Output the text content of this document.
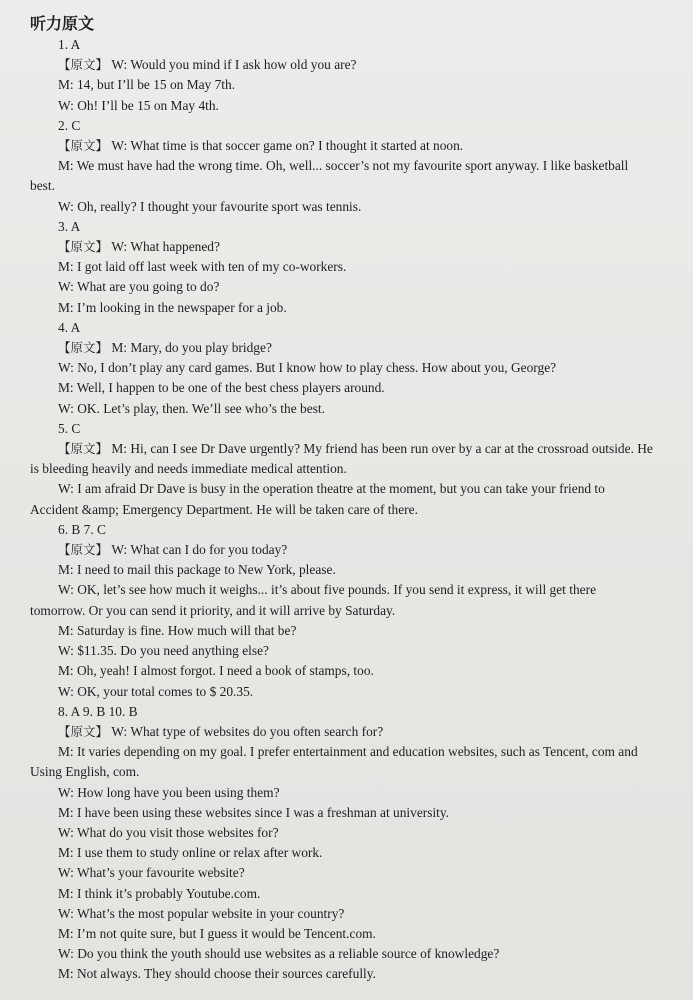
听力原文
1. A
【原文】 W: Would you mind if I ask how old you are?
M: 14, but I’ll be 15 on May 7th.
W: Oh! I’ll be 15 on May 4th.
2. C
【原文】 W: What time is that soccer game on? I thought it started at noon.
M: We must have had the wrong time. Oh, well... soccer’s not my favourite sport anyway. I like basketball best.
W: Oh, really? I thought your favourite sport was tennis.
3. A
【原文】 W: What happened?
M: I got laid off last week with ten of my co-workers.
W: What are you going to do?
M: I’m looking in the newspaper for a job.
4. A
【原文】 M: Mary, do you play bridge?
W: No, I don’t play any card games. But I know how to play chess. How about you, George?
M: Well, I happen to be one of the best chess players around.
W: OK. Let’s play, then. We’ll see who’s the best.
5. C
【原文】 M: Hi, can I see Dr Dave urgently? My friend has been run over by a car at the crossroad outside. He is bleeding heavily and needs immediate medical attention.
W: I am afraid Dr Dave is busy in the operation theatre at the moment, but you can take your friend to Accident &amp; Emergency Department. He will be taken care of there.
6. B 7. C
【原文】 W: What can I do for you today?
M: I need to mail this package to New York, please.
W: OK, let’s see how much it weighs... it’s about five pounds. If you send it express, it will get there tomorrow. Or you can send it priority, and it will arrive by Saturday.
M: Saturday is fine. How much will that be?
W: $11.35. Do you need anything else?
M: Oh, yeah! I almost forgot. I need a book of stamps, too.
W: OK, your total comes to $ 20.35.
8. A 9. B 10. B
【原文】 W: What type of websites do you often search for?
M: It varies depending on my goal. I prefer entertainment and education websites, such as Tencent, com and Using English, com.
W: How long have you been using them?
M: I have been using these websites since I was a freshman at university.
W: What do you visit those websites for?
M: I use them to study online or relax after work.
W: What’s your favourite website?
M: I think it’s probably Youtube.com.
W: What’s the most popular website in your country?
M: I’m not quite sure, but I guess it would be Tencent.com.
W: Do you think the youth should use websites as a reliable source of knowledge?
M: Not always. They should choose their sources carefully.
